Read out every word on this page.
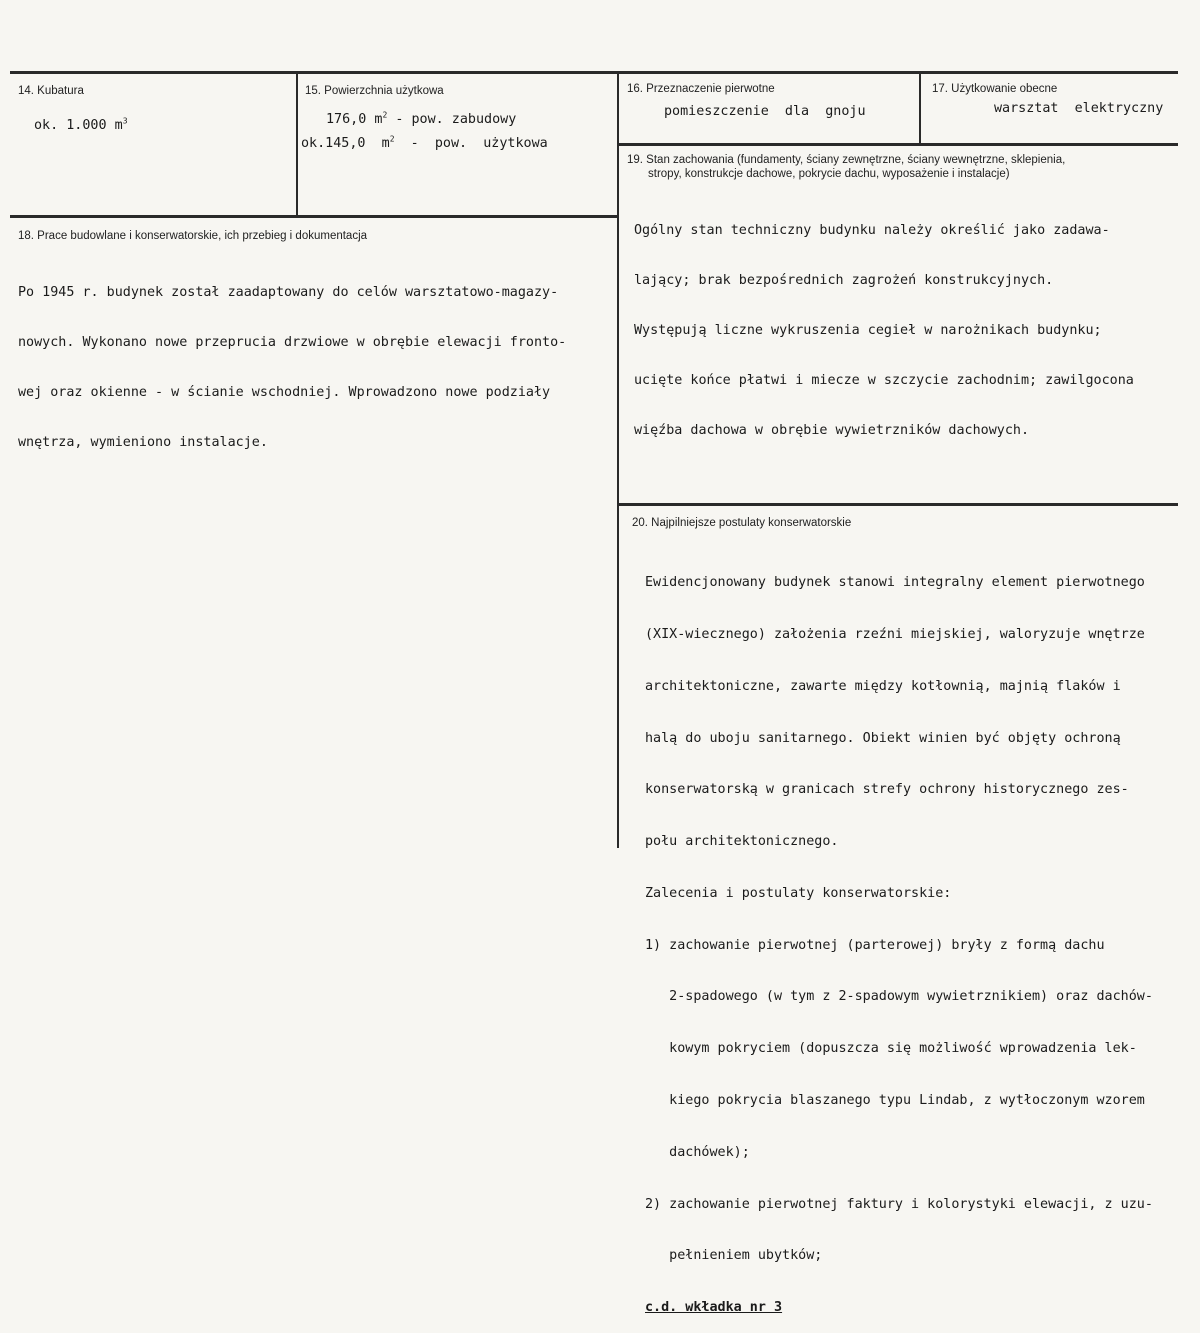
14. Kubatura
ok. 1.000 $m^3$
15. Powierzchnia użytkowa
176,0 $m^2$ - pow. zabudowy
ok.145,0  $m^2$  -  pow.  użytkowa
16. Przeznaczenie pierwotne
pomieszczenie  dla  gnoju
17. Użytkowanie obecne
warsztat  elektryczny
18. Prace budowlane i konserwatorskie, ich przebieg i dokumentacja

Po 1945 r. budynek został zaadaptowany do celów warsztatowo-magazy-

nowych. Wykonano nowe przeprucia drzwiowe w obrębie elewacji fronto-

wej oraz okienne - w ścianie wschodniej. Wprowadzono nowe podziały

wnętrza, wymieniono instalacje.

19. Stan zachowania (fundamenty, ściany zewnętrzne, ściany wewnętrzne, sklepienia,
stropy, konstrukcje dachowe, pokrycie dachu, wyposażenie i instalacje)

Ogólny stan techniczny budynku należy określić jako zadawa-

lający; brak bezpośrednich zagrożeń konstrukcyjnych.

Występują liczne wykruszenia cegieł w narożnikach budynku;

ucięte końce płatwi i miecze w szczycie zachodnim; zawilgocona

więźba dachowa w obrębie wywietrzników dachowych.

20. Najpilniejsze postulaty konserwatorskie

Ewidencjonowany budynek stanowi integralny element pierwotnego

(XIX-wiecznego) założenia rzeźni miejskiej, waloryzuje wnętrze

architektoniczne, zawarte między kotłownią, majnią flaków i

halą do uboju sanitarnego. Obiekt winien być objęty ochroną

konserwatorską w granicach strefy ochrony historycznego zes-

połu architektonicznego.

Zalecenia i postulaty konserwatorskie:

1) zachowanie pierwotnej (parterowej) bryły z formą dachu

2-spadowego (w tym z 2-spadowym wywietrznikiem) oraz dachów-

kowym pokryciem (dopuszcza się możliwość wprowadzenia lek-

kiego pokrycia blaszanego typu Lindab, z wytłoczonym wzorem

dachówek);

2) zachowanie pierwotnej faktury i kolorystyki elewacji, z uzu-

pełnieniem ubytków;

c.d. wkładka nr 3
